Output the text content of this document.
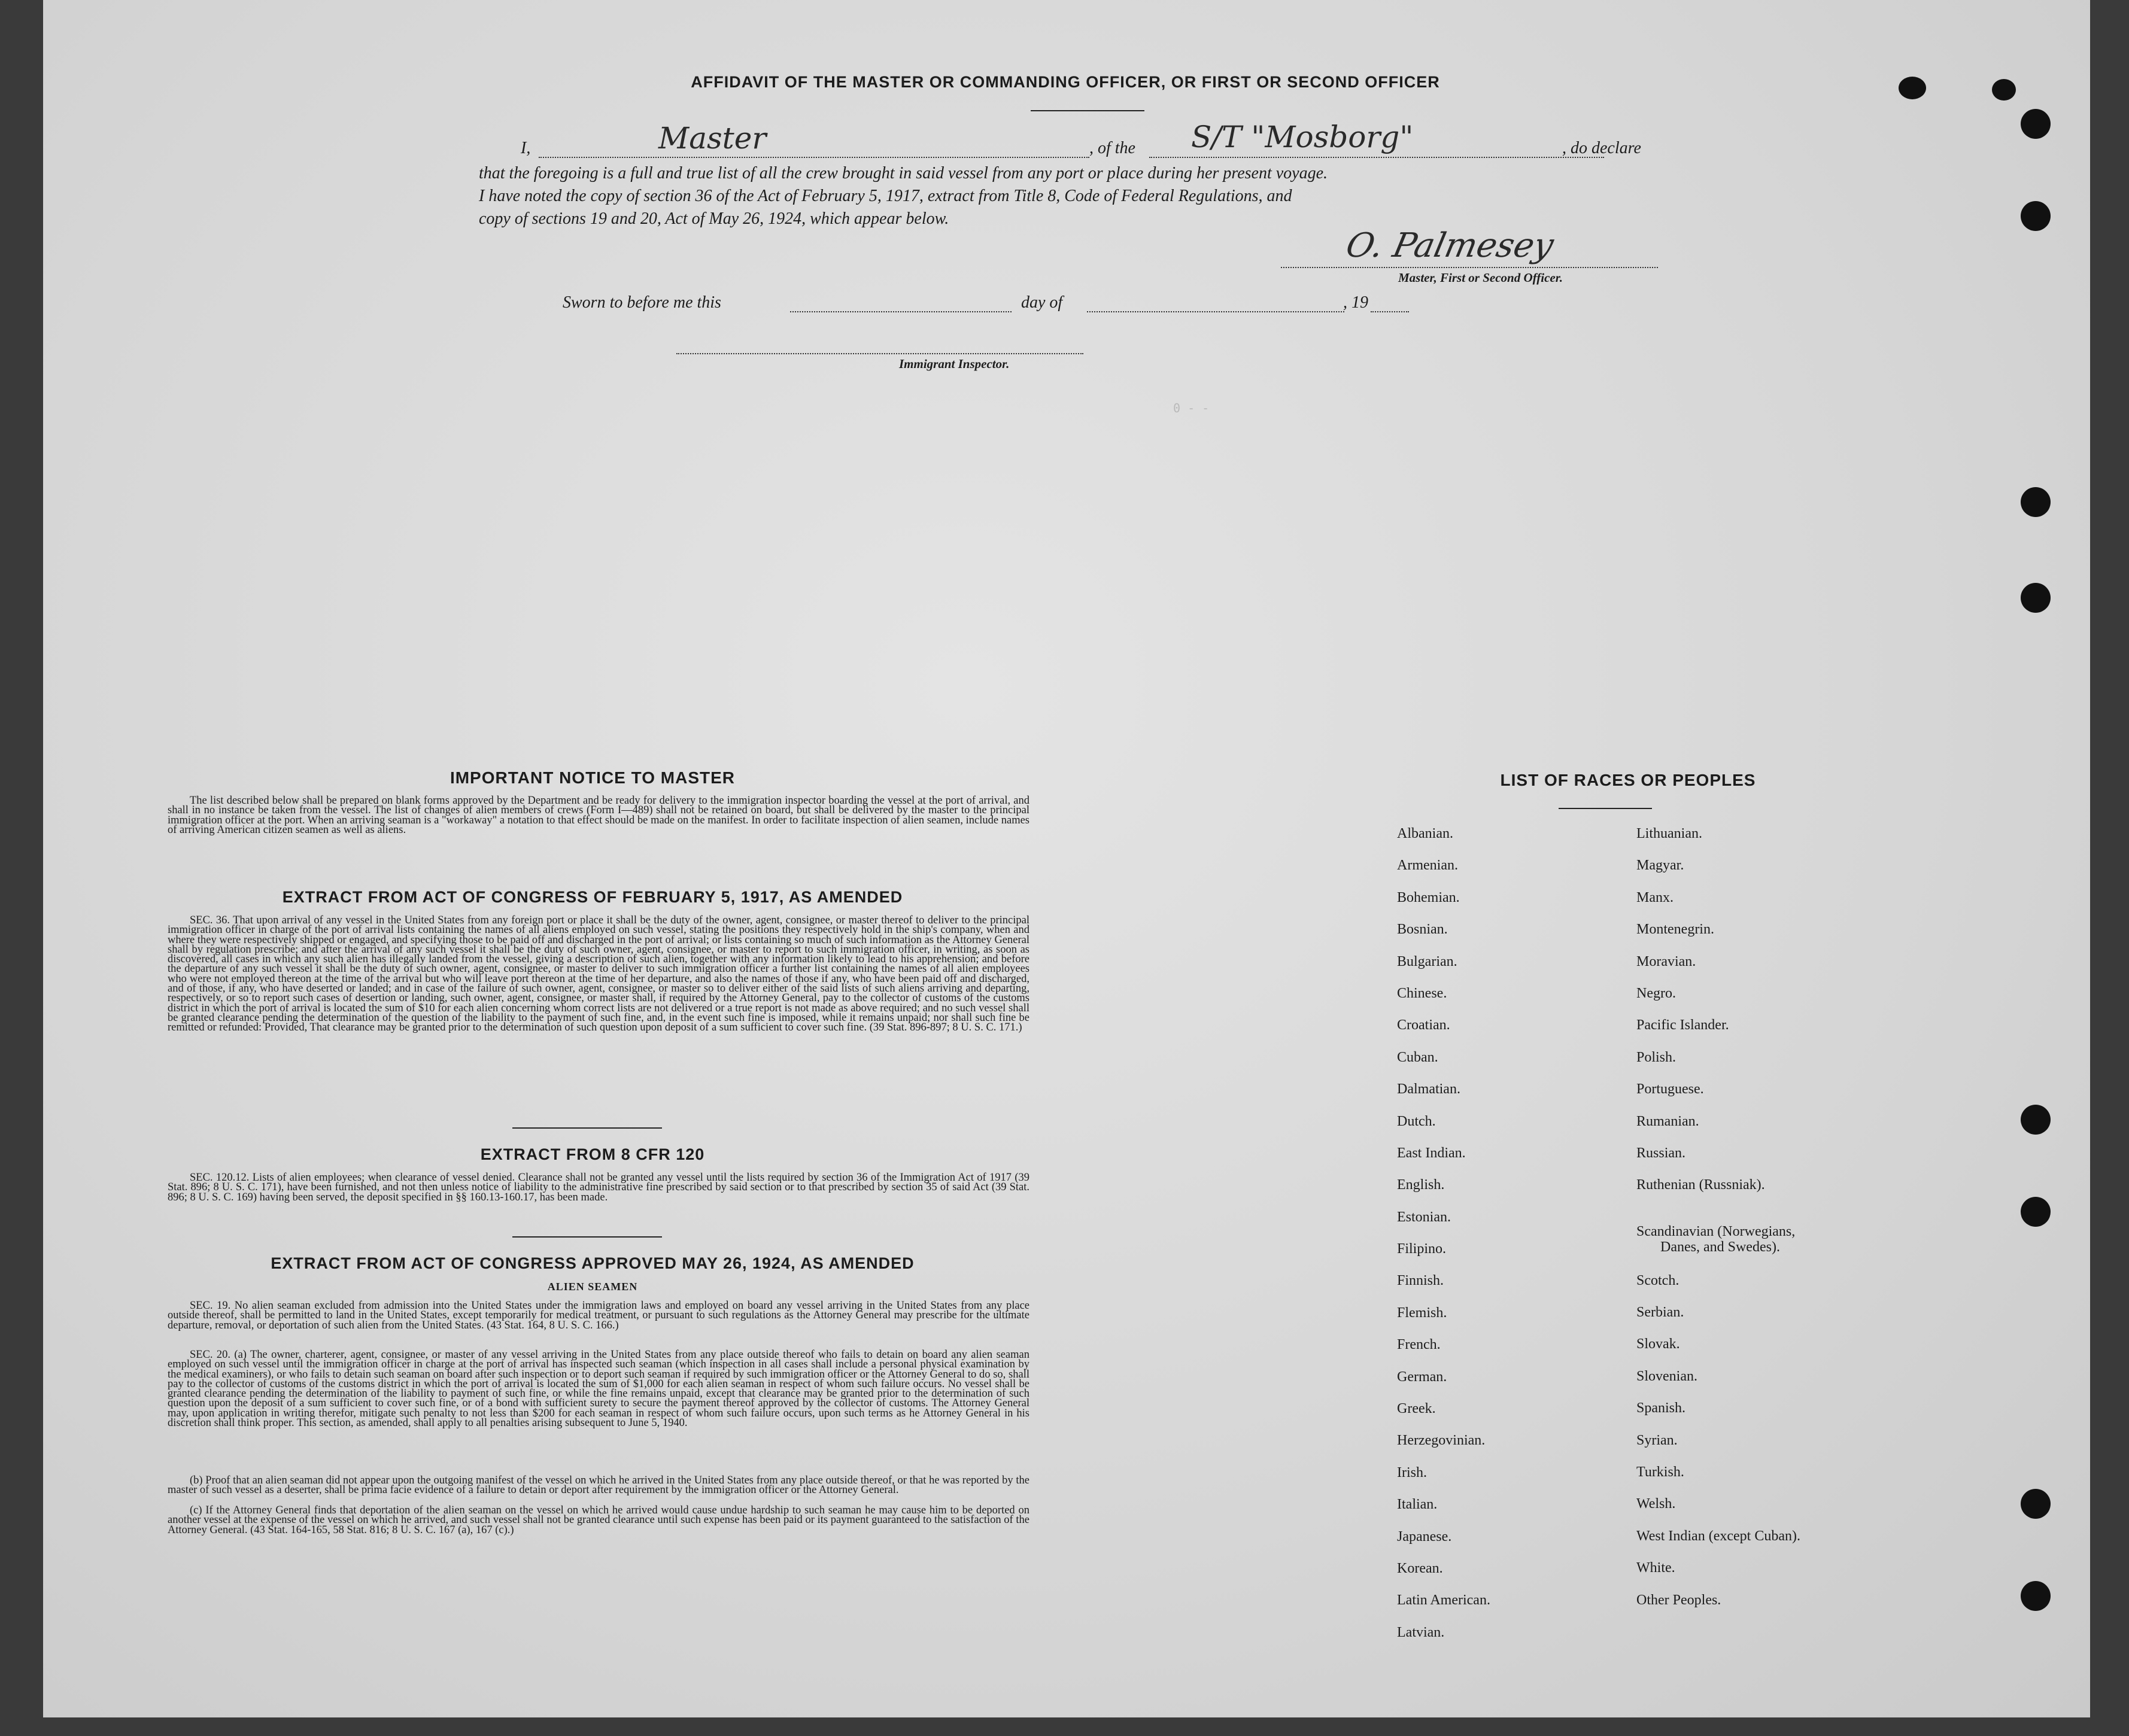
0 - -
AFFIDAVIT OF THE MASTER OR COMMANDING OFFICER, OR FIRST OR SECOND OFFICER
I,	Master	, of the S/T "Mosborg"	, do declare
that the foregoing is a full and true list of all the crew brought in said vessel from any port or place during her present voyage.
I have noted the copy of section 36 of the Act of February 5, 1917, extract from Title 8, Code of Federal Regulations, and
copy of sections 19 and 20, Act of May 26, 1924, which appear below.
O. Palmesey
Master, First or Second Officer.
Sworn to before me this	day of	, 19
Immigrant Inspector.
IMPORTANT NOTICE TO MASTER
The list described below shall be prepared on blank forms approved by the Department and be ready for delivery to the immigration inspector boarding the vessel at the port of arrival, and shall in no instance be taken from the vessel. The list of changes of alien members of crews (Form I—489) shall not be retained on board, but shall be delivered by the master to the principal immigration officer at the port. When an arriving seaman is a "workaway" a notation to that effect should be made on the manifest. In order to facilitate inspection of alien seamen, include names of arriving American citizen seamen as well as aliens.
EXTRACT FROM ACT OF CONGRESS OF FEBRUARY 5, 1917, AS AMENDED
SEC. 36. That upon arrival of any vessel in the United States from any foreign port or place it shall be the duty of the owner, agent, consignee, or master thereof to deliver to the principal immigration officer in charge of the port of arrival lists containing the names of all aliens employed on such vessel, stating the positions they respectively hold in the ship's company, when and where they were respectively shipped or engaged, and specifying those to be paid off and discharged in the port of arrival; or lists containing so much of such information as the Attorney General shall by regulation prescribe; and after the arrival of any such vessel it shall be the duty of such owner, agent, consignee, or master to report to such immigration officer, in writing, as soon as discovered, all cases in which any such alien has illegally landed from the vessel, giving a description of such alien, together with any information likely to lead to his apprehension; and before the departure of any such vessel it shall be the duty of such owner, agent, consignee, or master to deliver to such immigration officer a further list containing the names of all alien employees who were not employed thereon at the time of the arrival but who will leave port thereon at the time of her departure, and also the names of those if any, who have been paid off and discharged, and of those, if any, who have deserted or landed; and in case of the failure of such owner, agent, consignee, or master so to deliver either of the said lists of such aliens arriving and departing, respectively, or so to report such cases of desertion or landing, such owner, agent, consignee, or master shall, if required by the Attorney General, pay to the collector of customs of the customs district in which the port of arrival is located the sum of $10 for each alien concerning whom correct lists are not delivered or a true report is not made as above required; and no such vessel shall be granted clearance pending the determination of the question of the liability to the payment of such fine, and, in the event such fine is imposed, while it remains unpaid; nor shall such fine be remitted or refunded: Provided, That clearance may be granted prior to the determination of such question upon deposit of a sum sufficient to cover such fine. (39 Stat. 896-897; 8 U. S. C. 171.)
EXTRACT FROM 8 CFR 120
SEC. 120.12. Lists of alien employees; when clearance of vessel denied. Clearance shall not be granted any vessel until the lists required by section 36 of the Immigration Act of 1917 (39 Stat. 896; 8 U. S. C. 171), have been furnished, and not then unless notice of liability to the administrative fine prescribed by said section or to that prescribed by section 35 of said Act (39 Stat. 896; 8 U. S. C. 169) having been served, the deposit specified in §§ 160.13-160.17, has been made.
EXTRACT FROM ACT OF CONGRESS APPROVED MAY 26, 1924, AS AMENDED
ALIEN SEAMEN
SEC. 19. No alien seaman excluded from admission into the United States under the immigration laws and employed on board any vessel arriving in the United States from any place outside thereof, shall be permitted to land in the United States, except temporarily for medical treatment, or pursuant to such regulations as the Attorney General may prescribe for the ultimate departure, removal, or deportation of such alien from the United States. (43 Stat. 164, 8 U. S. C. 166.)
SEC. 20. (a) The owner, charterer, agent, consignee, or master of any vessel arriving in the United States from any place outside thereof who fails to detain on board any alien seaman employed on such vessel until the immigration officer in charge at the port of arrival has inspected such seaman (which inspection in all cases shall include a personal physical examination by the medical examiners), or who fails to detain such seaman on board after such inspection or to deport such seaman if required by such immigration officer or the Attorney General to do so, shall pay to the collector of customs of the customs district in which the port of arrival is located the sum of $1,000 for each alien seaman in respect of whom such failure occurs. No vessel shall be granted clearance pending the determination of the liability to payment of such fine, or while the fine remains unpaid, except that clearance may be granted prior to the determination of such question upon the deposit of a sum sufficient to cover such fine, or of a bond with sufficient surety to secure the payment thereof approved by the collector of customs. The Attorney General may, upon application in writing therefor, mitigate such penalty to not less than $200 for each seaman in respect of whom such failure occurs, upon such terms as he Attorney General in his discretion shall think proper. This section, as amended, shall apply to all penalties arising subsequent to June 5, 1940.
(b) Proof that an alien seaman did not appear upon the outgoing manifest of the vessel on which he arrived in the United States from any place outside thereof, or that he was reported by the master of such vessel as a deserter, shall be prima facie evidence of a failure to detain or deport after requirement by the immigration officer or the Attorney General.
(c) If the Attorney General finds that deportation of the alien seaman on the vessel on which he arrived would cause undue hardship to such seaman he may cause him to be deported on another vessel at the expense of the vessel on which he arrived, and such vessel shall not be granted clearance until such expense has been paid or its payment guaranteed to the satisfaction of the Attorney General. (43 Stat. 164-165, 58 Stat. 816; 8 U. S. C. 167 (a), 167 (c).)
LIST OF RACES OR PEOPLES
Albanian.
Armenian.
Bohemian.
Bosnian.
Bulgarian.
Chinese.
Croatian.
Cuban.
Dalmatian.
Dutch.
East Indian.
English.
Estonian.
Filipino.
Finnish.
Flemish.
French.
German.
Greek.
Herzegovinian.
Irish.
Italian.
Japanese.
Korean.
Latin American.
Latvian.
Lithuanian.
Magyar.
Manx.
Montenegrin.
Moravian.
Negro.
Pacific Islander.
Polish.
Portuguese.
Rumanian.
Russian.
Ruthenian (Russniak).
Scandinavian (Norwegians,
Danes, and Swedes).
Scotch.
Serbian.
Slovak.
Slovenian.
Spanish.
Syrian.
Turkish.
Welsh.
West Indian (except Cuban).
White.
Other Peoples.
